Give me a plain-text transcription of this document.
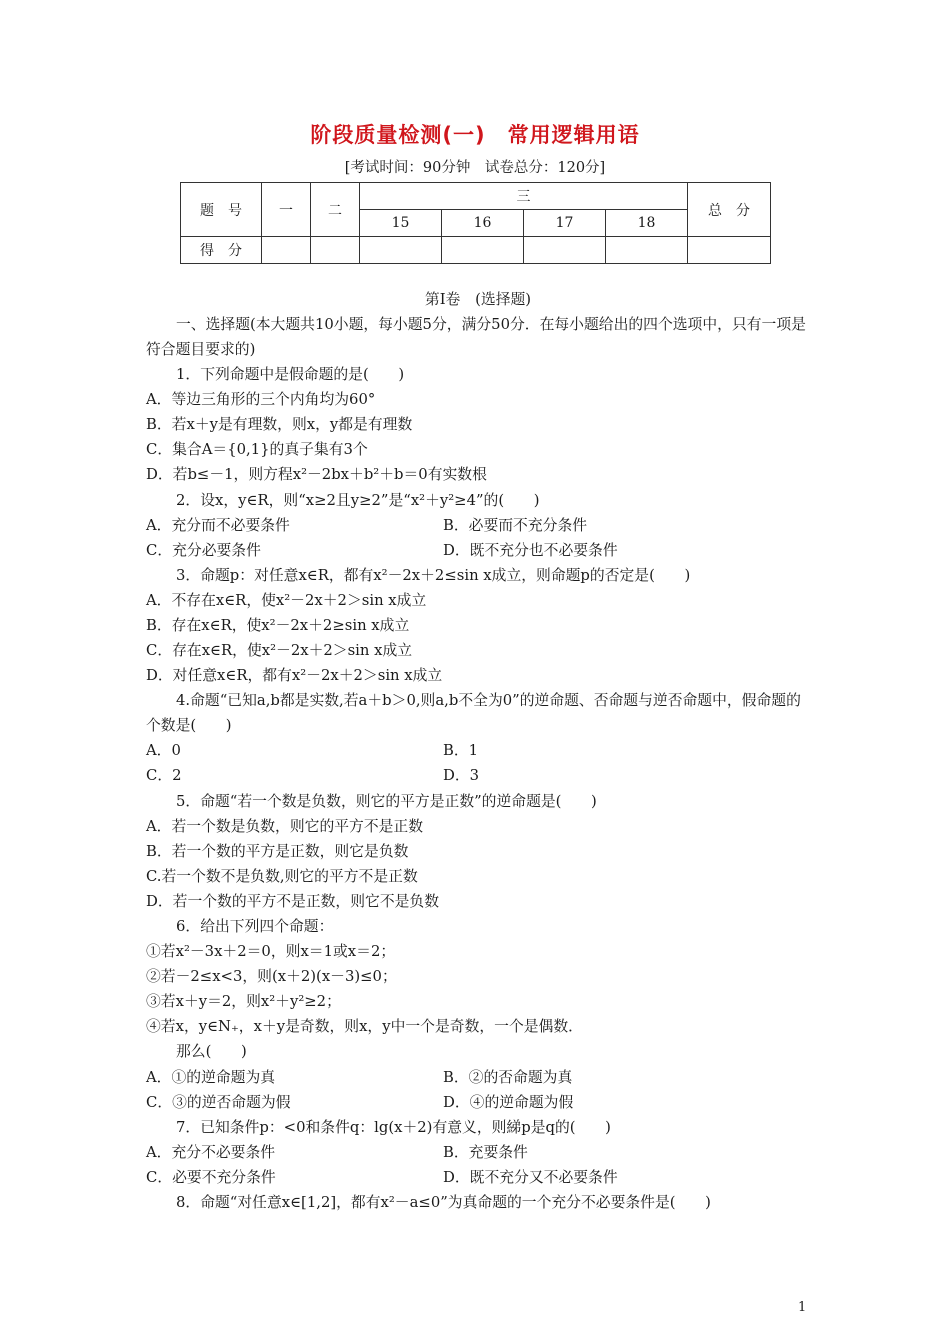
阶段质量检测(一) 常用逻辑用语
[考试时间：90分钟　试卷总分：120分]
题　号	一	二	三				总　分
			15	16	17	18	
得　分							
第Ⅰ卷　(选择题)
一、选择题(本大题共10小题，每小题5分，满分50分．在每小题给出的四个选项中，只有一项是符合题目要求的)
1．下列命题中是假命题的是(　　)
A．等边三角形的三个内角均为60°
B．若x＋y是有理数，则x，y都是有理数
C．集合A＝{0,1}的真子集有3个
D．若b≤－1，则方程x²－2bx＋b²＋b＝0有实数根
2．设x，y∈R，则“x≥2且y≥2”是“x²＋y²≥4”的(　　)
A．充分而不必要条件	B．必要而不充分条件
C．充分必要条件	D．既不充分也不必要条件
3．命题p：对任意x∈R，都有x²－2x＋2≤sin x成立，则命题p的否定是(　　)
A．不存在x∈R，使x²－2x＋2＞sin x成立
B．存在x∈R，使x²－2x＋2≥sin x成立
C．存在x∈R，使x²－2x＋2＞sin x成立
D．对任意x∈R，都有x²－2x＋2＞sin x成立
4.命题“已知a,b都是实数,若a＋b＞0,则a,b不全为0”的逆命题、否命题与逆否命题中，假命题的个数是(　　)
A．0	B．1
C．2	D．3
5．命题“若一个数是负数，则它的平方是正数”的逆命题是(　　)
A．若一个数是负数，则它的平方不是正数
B．若一个数的平方是正数，则它是负数
C.若一个数不是负数,则它的平方不是正数
D．若一个数的平方不是正数，则它不是负数
6．给出下列四个命题：
①若x²－3x＋2＝0，则x＝1或x＝2；
②若－2≤x<3，则(x＋2)(x－3)≤0；
③若x＋y＝2，则x²＋y²≥2；
④若x，y∈N₊，x＋y是奇数，则x，y中一个是奇数，一个是偶数．
那么(　　)
A．①的逆命题为真	B．②的否命题为真
C．③的逆否命题为假	D．④的逆命题为假
7．已知条件p：<0和条件q：lg(x＋2)有意义，则綈p是q的(　　)
A．充分不必要条件	B．充要条件
C．必要不充分条件	D．既不充分又不必要条件
8．命题“对任意x∈[1,2]，都有x²－a≤0”为真命题的一个充分不必要条件是(　　)
1
